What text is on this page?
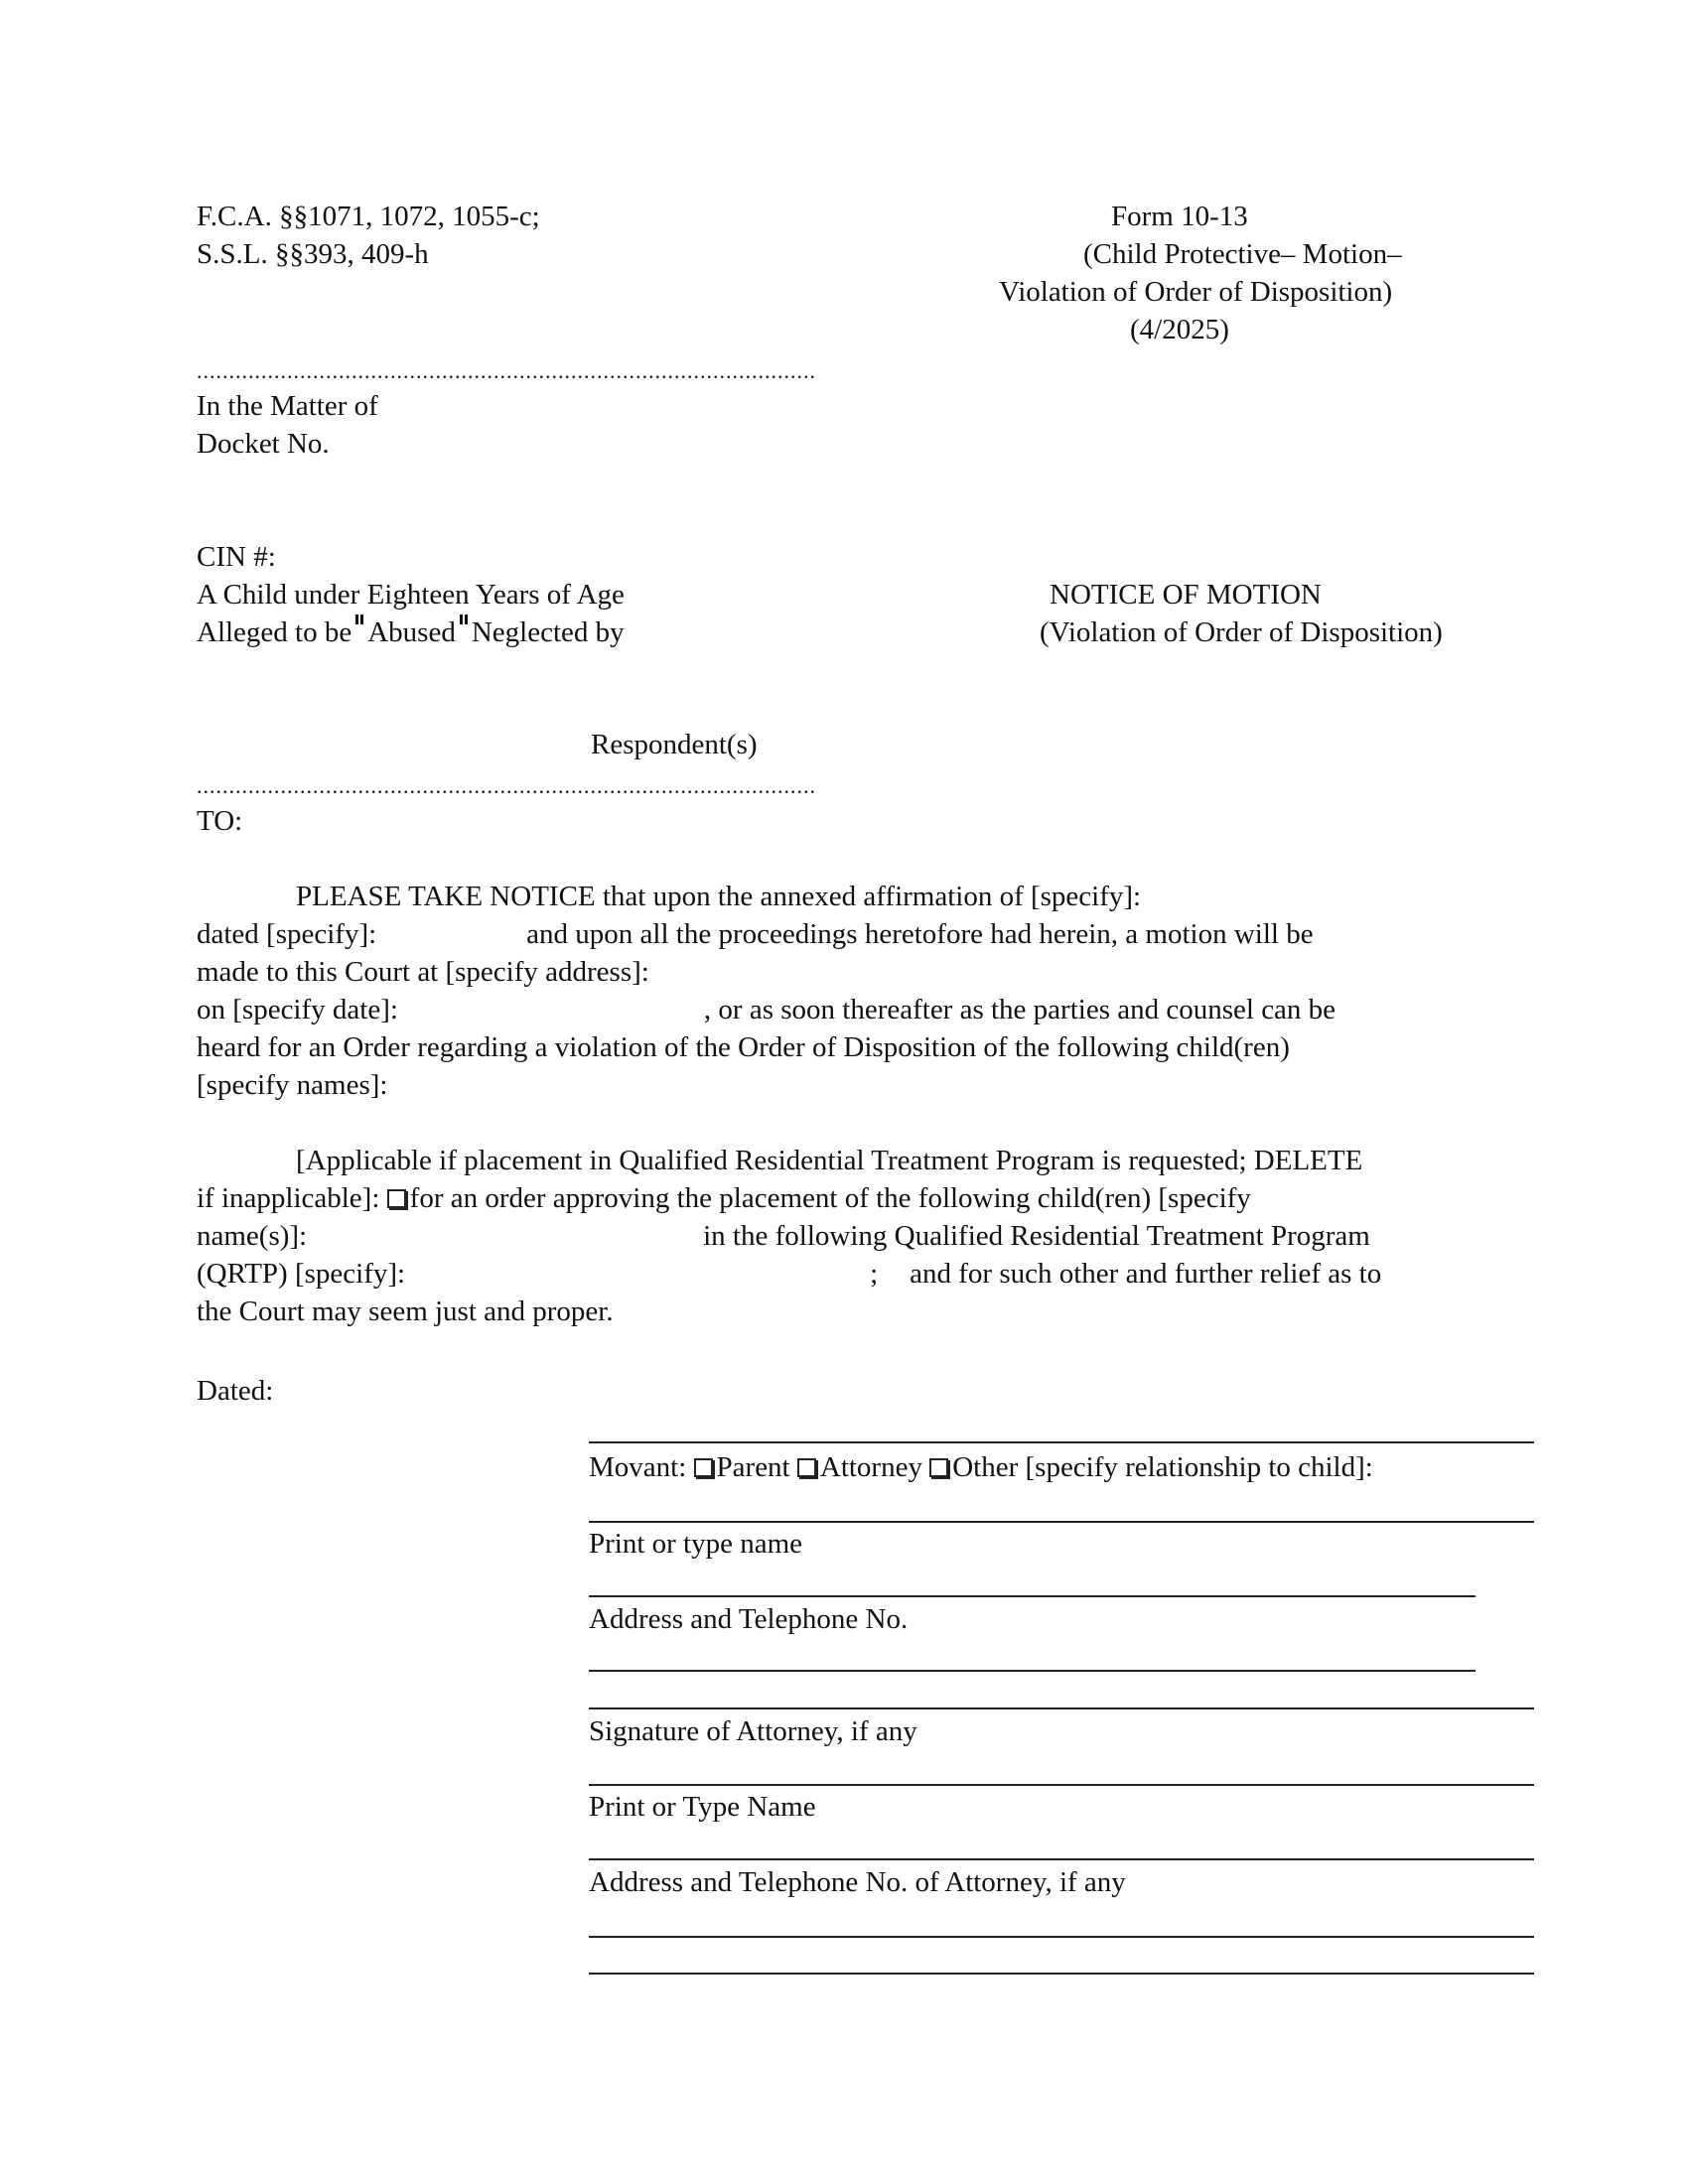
F.C.A. §§1071, 1072, 1055-c;
S.S.L. §§393, 409-h
Form 10-13
(Child Protective– Motion–
Violation of Order of Disposition)
(4/2025)
................................................................................................
In the Matter of
Docket No.
CIN #:
A Child under Eighteen Years of Age
Alleged to be Abused Neglected by
NOTICE OF MOTION
(Violation of Order of Disposition)
Respondent(s)
................................................................................................
TO:
PLEASE TAKE NOTICE that upon the annexed affirmation of [specify]:
dated [specify]:	and upon all the proceedings heretofore had herein, a motion will be
made to this Court at [specify address]:
on [specify date]:	, or as soon thereafter as the parties and counsel can be
heard for an Order regarding a violation of the Order of Disposition of the following child(ren)
[specify names]:
[Applicable if placement in Qualified Residential Treatment Program is requested; DELETE
if inapplicable]: for an order approving the placement of the following child(ren) [specify
name(s)]:	in the following Qualified Residential Treatment Program
(QRTP) [specify]:	; and for such other and further relief as to
the Court may seem just and proper.
Dated:
Movant: Parent Attorney Other [specify relationship to child]:
Print or type name
Address and Telephone No.
Signature of Attorney, if any
Print or Type Name
Address and Telephone No. of Attorney, if any
